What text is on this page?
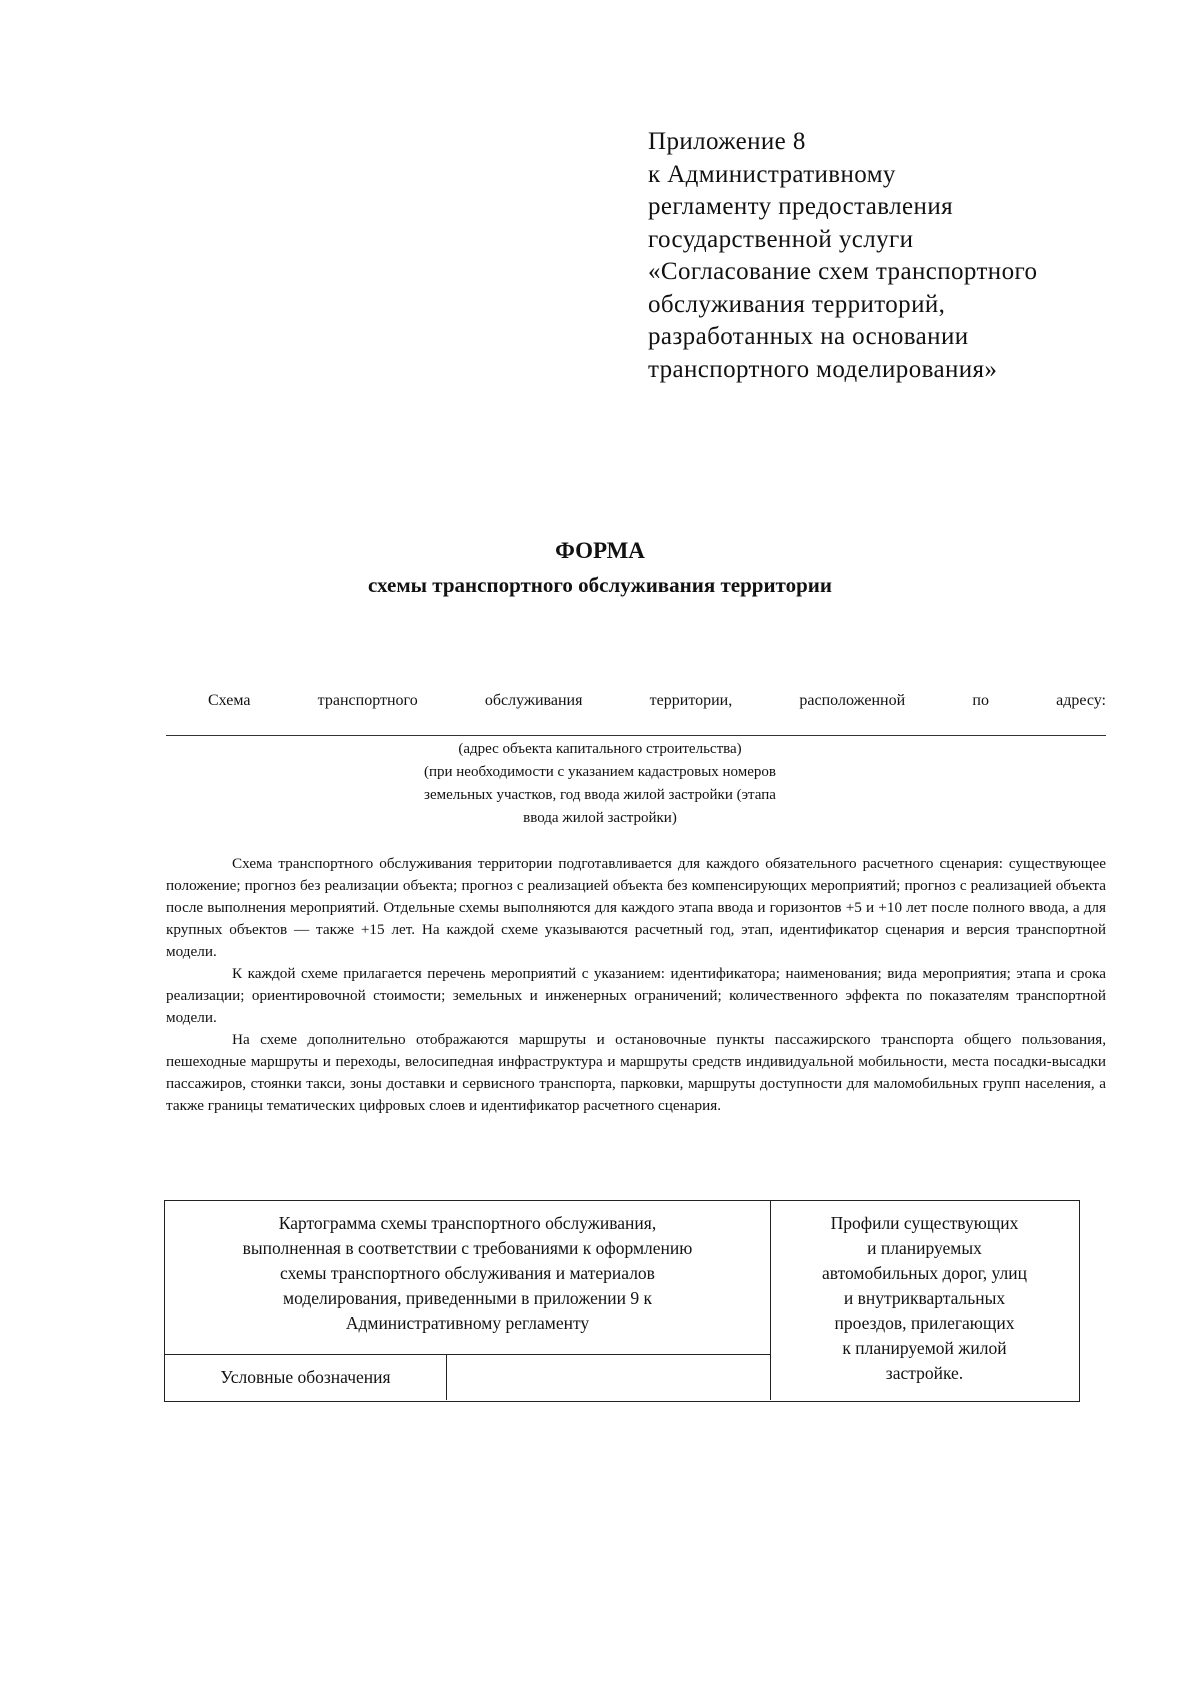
Приложение 8
к Административному
регламенту предоставления
государственной услуги
«Согласование схем транспортного
обслуживания территорий,
разработанных на основании
транспортного моделирования»
ФОРМА
схемы транспортного обслуживания территории
Схема транспортного обслуживания территории, расположенной по адресу:
(адрес объекта капитального строительства)
(при необходимости с указанием кадастровых номеров
земельных участков, год ввода жилой застройки (этапа
ввода жилой застройки)

Схема транспортного обслуживания территории подготавливается для каждого обязательного расчетного сценария: существующее положение; прогноз без реализации объекта; прогноз с реализацией объекта без компенсирующих мероприятий; прогноз с реализацией объекта после выполнения мероприятий. Отдельные схемы выполняются для каждого этапа ввода и горизонтов +5 и +10 лет после полного ввода, а для крупных объектов — также +15 лет. На каждой схеме указываются расчетный год, этап, идентификатор сценария и версия транспортной модели.

К каждой схеме прилагается перечень мероприятий с указанием: идентификатора; наименования; вида мероприятия; этапа и срока реализации; ориентировочной стоимости; земельных и инженерных ограничений; количественного эффекта по показателям транспортной модели.

На схеме дополнительно отображаются маршруты и остановочные пункты пассажирского транспорта общего пользования, пешеходные маршруты и переходы, велосипедная инфраструктура и маршруты средств индивидуальной мобильности, места посадки-высадки пассажиров, стоянки такси, зоны доставки и сервисного транспорта, парковки, маршруты доступности для маломобильных групп населения, а также границы тематических цифровых слоев и идентификатор расчетного сценария.

Картограмма схемы транспортного обслуживания,
выполненная в соответствии с требованиями к оформлению
схемы транспортного обслуживания и материалов
моделирования, приведенными в приложении 9 к
Административному регламенту
Условные обозначения
Профили существующих
и планируемых
автомобильных дорог, улиц
и внутриквартальных
проездов, прилегающих
к планируемой жилой
застройке.
